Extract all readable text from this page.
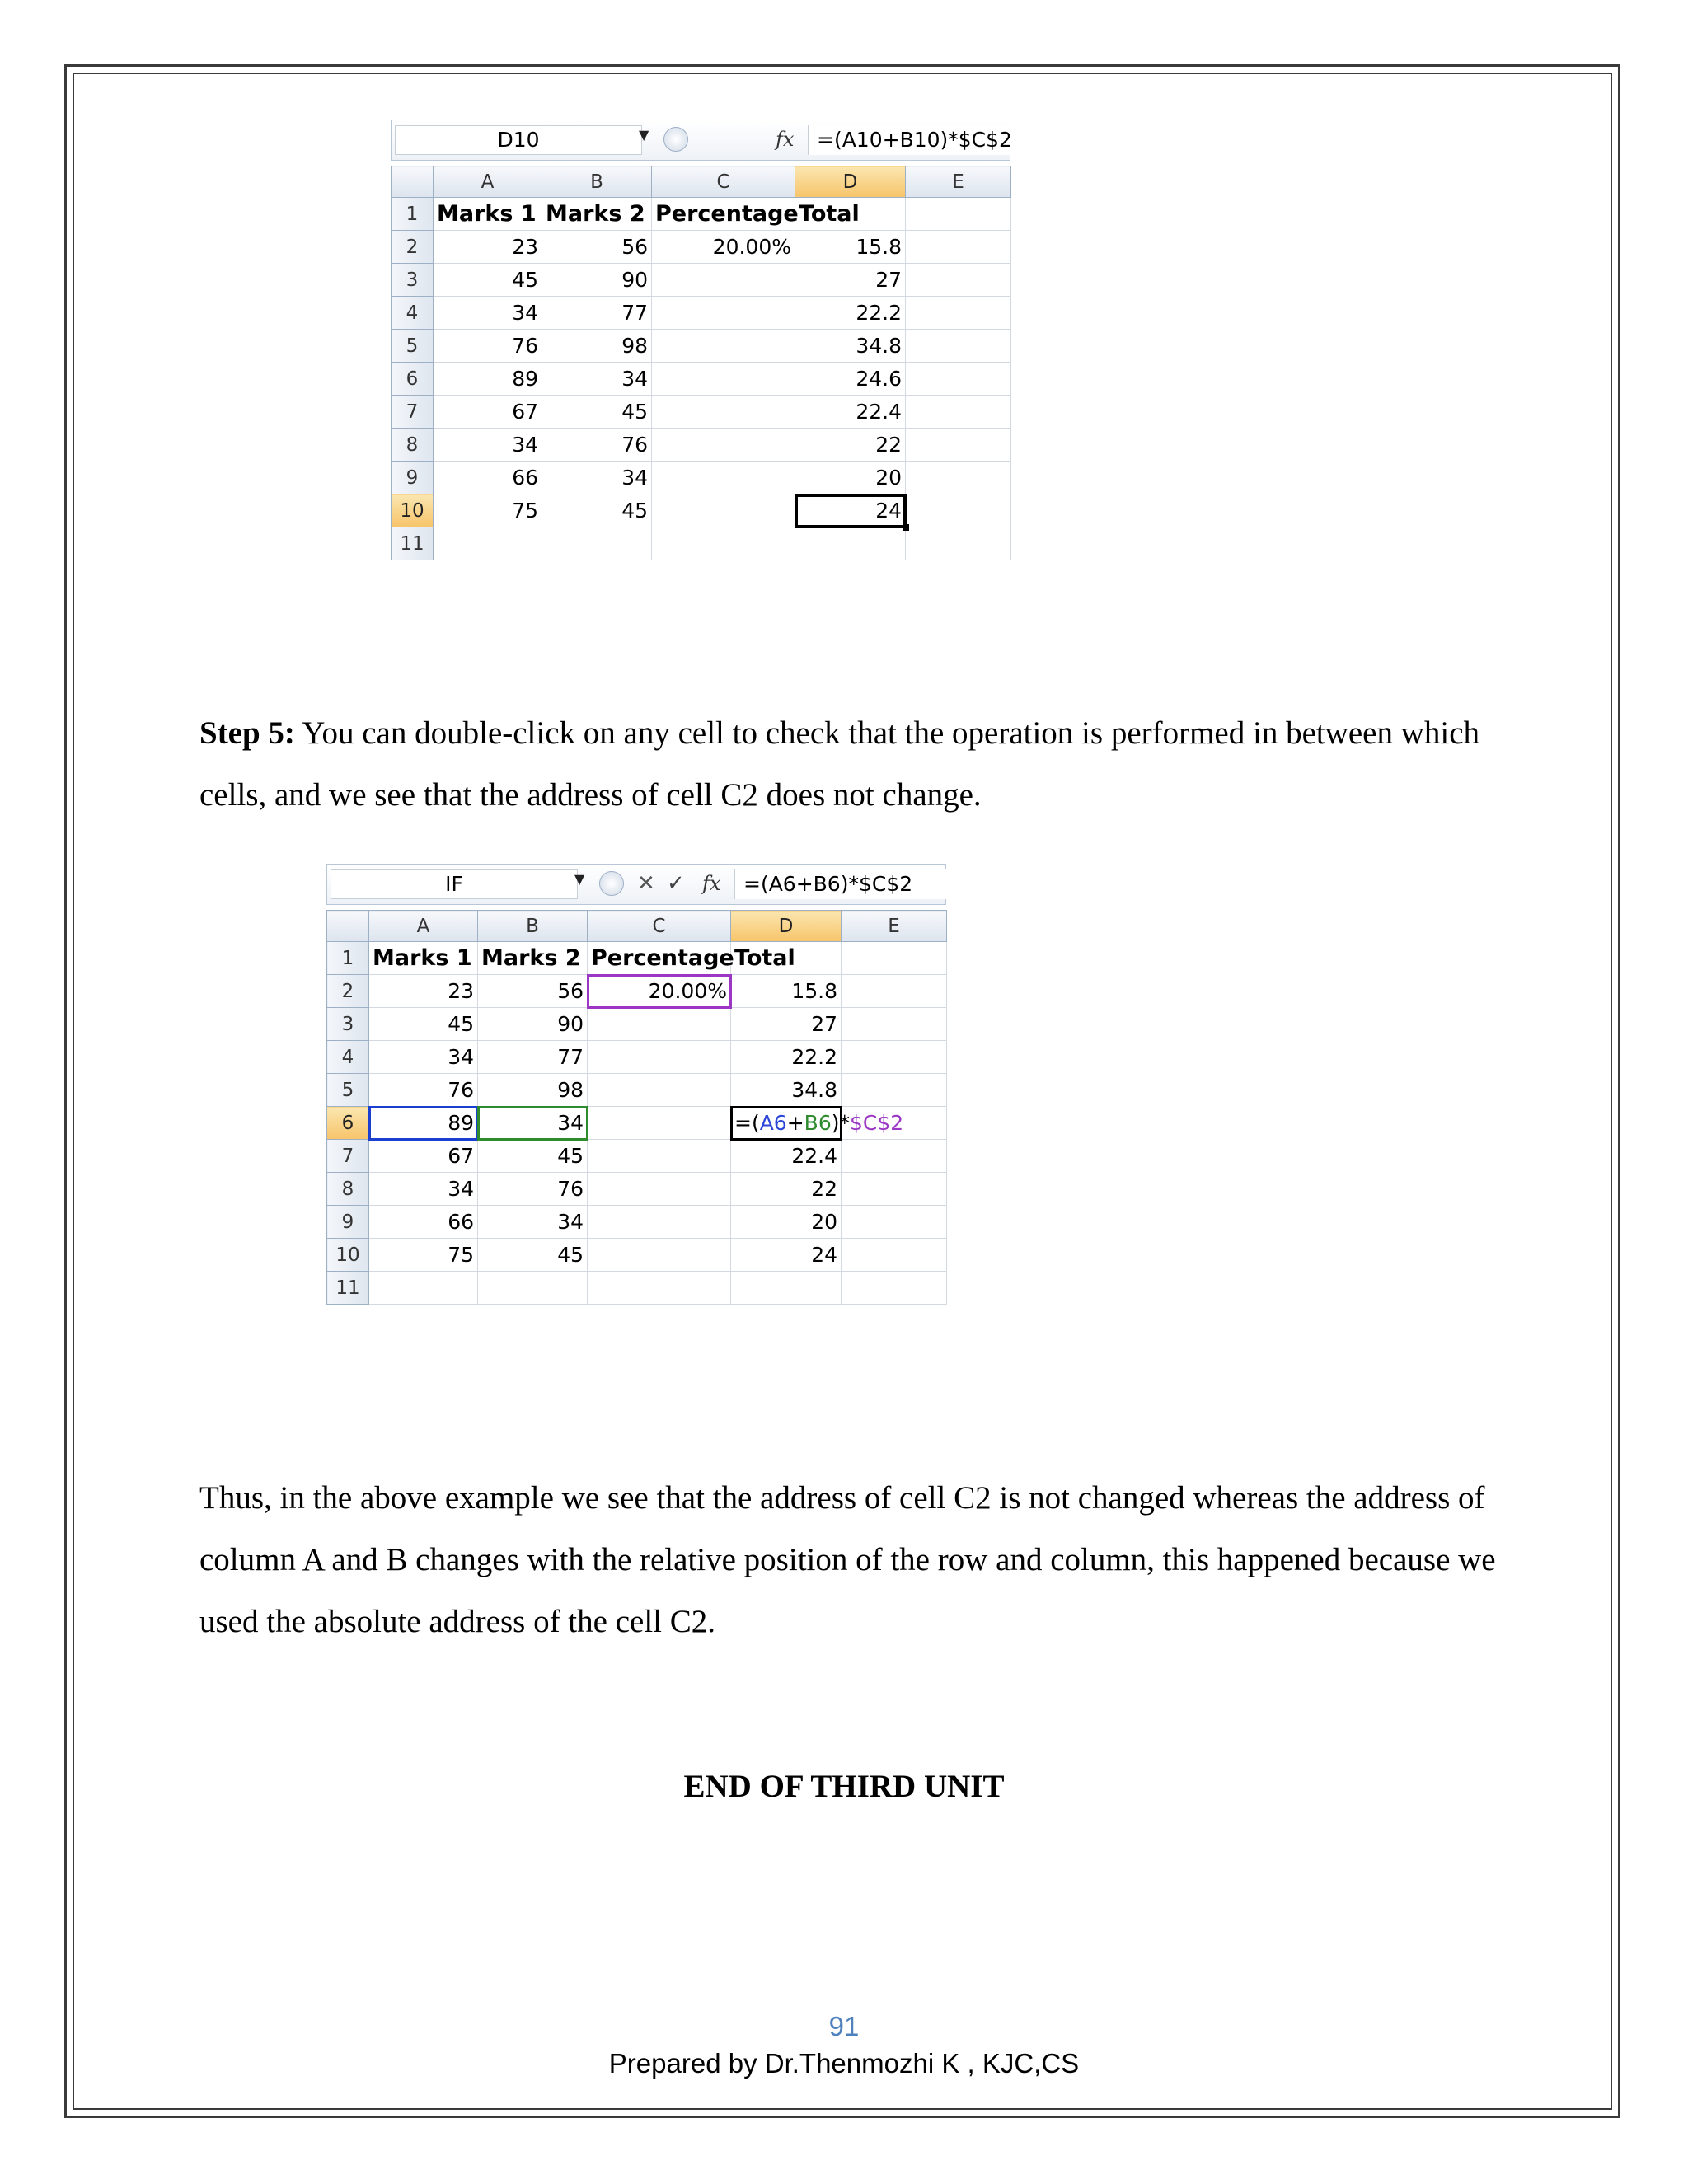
D10	▼	fx	=(A10+B10)*$C$2
	A	B	C	D	E
1	Marks 1	Marks 2	Percentage	Total	
2	23	56	20.00%	15.8	
3	45	90		27	
4	34	77		22.2	
5	76	98		34.8	
6	89	34		24.6	
7	67	45		22.4	
8	34	76		22	
9	66	34		20	
10	75	45		24

11					

Step 5: You can double-click on any cell to check that the operation is performed in between which cells, and we see that the address of cell C2 does not change.

IF	▼ ✕ ✓ fx	=(A6+B6)*$C$2
	A	B	C	D	E
1	Marks 1	Marks 2	Percentage	Total	
2	23	56	20.00%	15.8	
3	45	90		27	
4	34	77		22.2	
5	76	98		34.8	
6	89	34		=(A6+B6)*$C$2	
7	67	45		22.4	
8	34	76		22	
9	66	34		20	
10	75	45		24	
11					

Thus, in the above example we see that the address of cell C2 is not changed whereas the address of column A and B changes with the relative position of the row and column, this happened because we used the absolute address of the cell C2.

END OF THIRD UNIT
91
Prepared by Dr.Thenmozhi K , KJC,CS
